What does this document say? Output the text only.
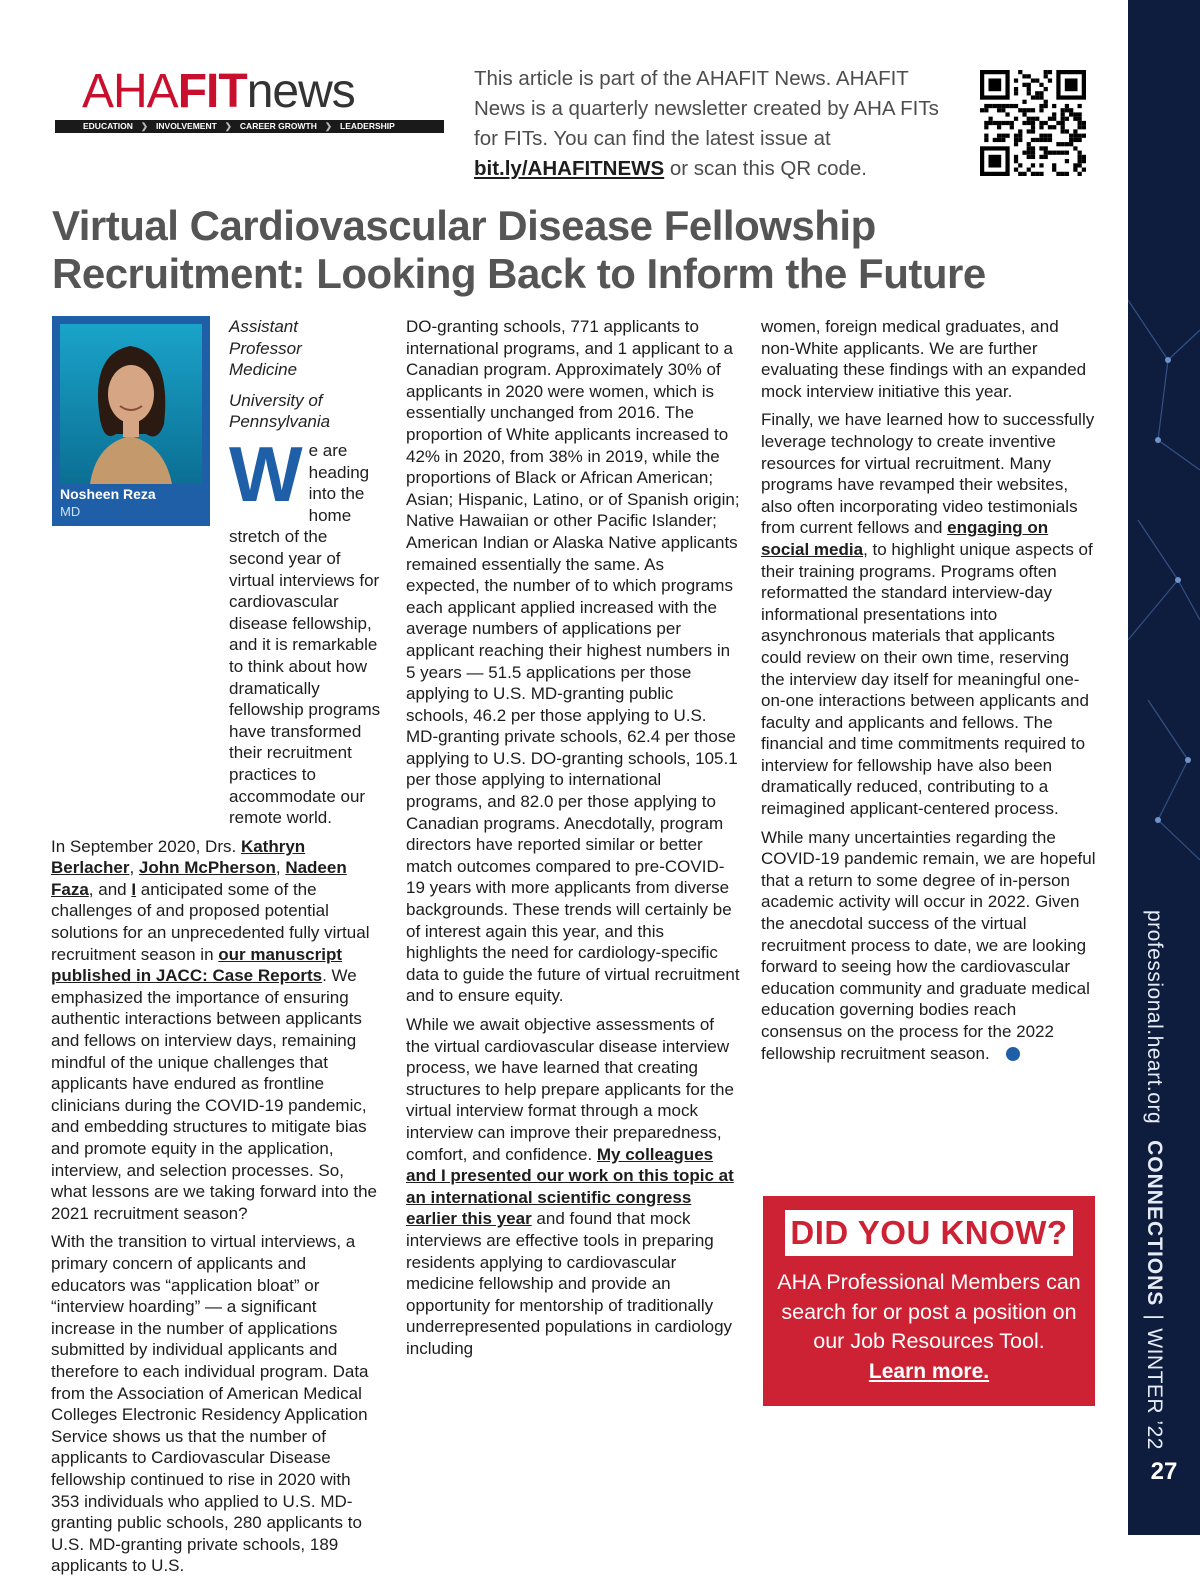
AHAFITnews
EDUCATION ❯ INVOLVEMENT ❯ CAREER GROWTH ❯ LEADERSHIP
This article is part of the AHAFIT News. AHAFIT News is a quarterly newsletter created by AHA FITs for FITs. You can find the latest issue at bit.ly/AHAFITNEWS or scan this QR code.
Virtual Cardiovascular Disease Fellowship Recruitment: Looking Back to Inform the Future
Nosheen Reza
MD

Assistant Professor Medicine

University of Pennsylvania

We are heading into the home stretch of the second year of virtual interviews for cardiovascular disease fellowship, and it is remarkable to think about how dramatically fellowship programs have transformed their recruitment practices to accommodate our remote world.

In September 2020, Drs. Kathryn Berlacher, John McPherson, Nadeen Faza, and I anticipated some of the challenges of and proposed potential solutions for an unprecedented fully virtual recruitment season in our manuscript published in JACC: Case Reports. We emphasized the importance of ensuring authentic interactions between applicants and fellows on interview days, remaining mindful of the unique challenges that applicants have endured as frontline clinicians during the COVID-19 pandemic, and embedding structures to mitigate bias and promote equity in the application, interview, and selection processes. So, what lessons are we taking forward into the 2021 recruitment season?

With the transition to virtual interviews, a primary concern of applicants and educators was “application bloat” or “interview hoarding” — a significant increase in the number of applications submitted by individual applicants and therefore to each individual program. Data from the Association of American Medical Colleges Electronic Residency Application Service shows us that the number of applicants to Cardiovascular Disease fellowship continued to rise in 2020 with 353 individuals who applied to U.S. MD-granting public schools, 280 applicants to U.S. MD-granting private schools, 189 applicants to U.S.

DO-granting schools, 771 applicants to international programs, and 1 applicant to a Canadian program. Approximately 30% of applicants in 2020 were women, which is essentially unchanged from 2016. The proportion of White applicants increased to 42% in 2020, from 38% in 2019, while the proportions of Black or African American; Asian; Hispanic, Latino, or of Spanish origin; Native Hawaiian or other Pacific Islander; American Indian or Alaska Native applicants remained essentially the same. As expected, the number of to which programs each applicant applied increased with the average numbers of applications per applicant reaching their highest numbers in 5 years — 51.5 applications per those applying to U.S. MD-granting public schools, 46.2 per those applying to U.S. MD-granting private schools, 62.4 per those applying to U.S. DO-granting schools, 105.1 per those applying to international programs, and 82.0 per those applying to Canadian programs. Anecdotally, program directors have reported similar or better match outcomes compared to pre-COVID-19 years with more applicants from diverse backgrounds. These trends will certainly be of interest again this year, and this highlights the need for cardiology-specific data to guide the future of virtual recruitment and to ensure equity.

While we await objective assessments of the virtual cardiovascular disease interview process, we have learned that creating structures to help prepare applicants for the virtual interview format through a mock interview can improve their preparedness, comfort, and confidence. My colleagues and I presented our work on this topic at an international scientific congress earlier this year and found that mock interviews are effective tools in preparing residents applying to cardiovascular medicine fellowship and provide an opportunity for mentorship of traditionally underrepresented populations in cardiology including

women, foreign medical graduates, and non-White applicants. We are further evaluating these findings with an expanded mock interview initiative this year.

Finally, we have learned how to successfully leverage technology to create inventive resources for virtual recruitment. Many programs have revamped their websites, also often incorporating video testimonials from current fellows and engaging on social media, to highlight unique aspects of their training programs. Programs often reformatted the standard interview-day informational presentations into asynchronous materials that applicants could review on their own time, reserving the interview day itself for meaningful one-on-one interactions between applicants and faculty and applicants and fellows. The financial and time commitments required to interview for fellowship have also been dramatically reduced, contributing to a reimagined applicant-centered process.

While many uncertainties regarding the COVID-19 pandemic remain, we are hopeful that a return to some degree of in-person academic activity will occur in 2022. Given the anecdotal success of the virtual recruitment process to date, we are looking forward to seeing how the cardiovascular education community and graduate medical education governing bodies reach consensus on the process for the 2022 fellowship recruitment season.

DID YOU KNOW?
AHA Professional Members can search for or post a position on our Job Resources Tool.
Learn more.
professional.heart.orgCONNECTIONS|WINTER ’22
27
